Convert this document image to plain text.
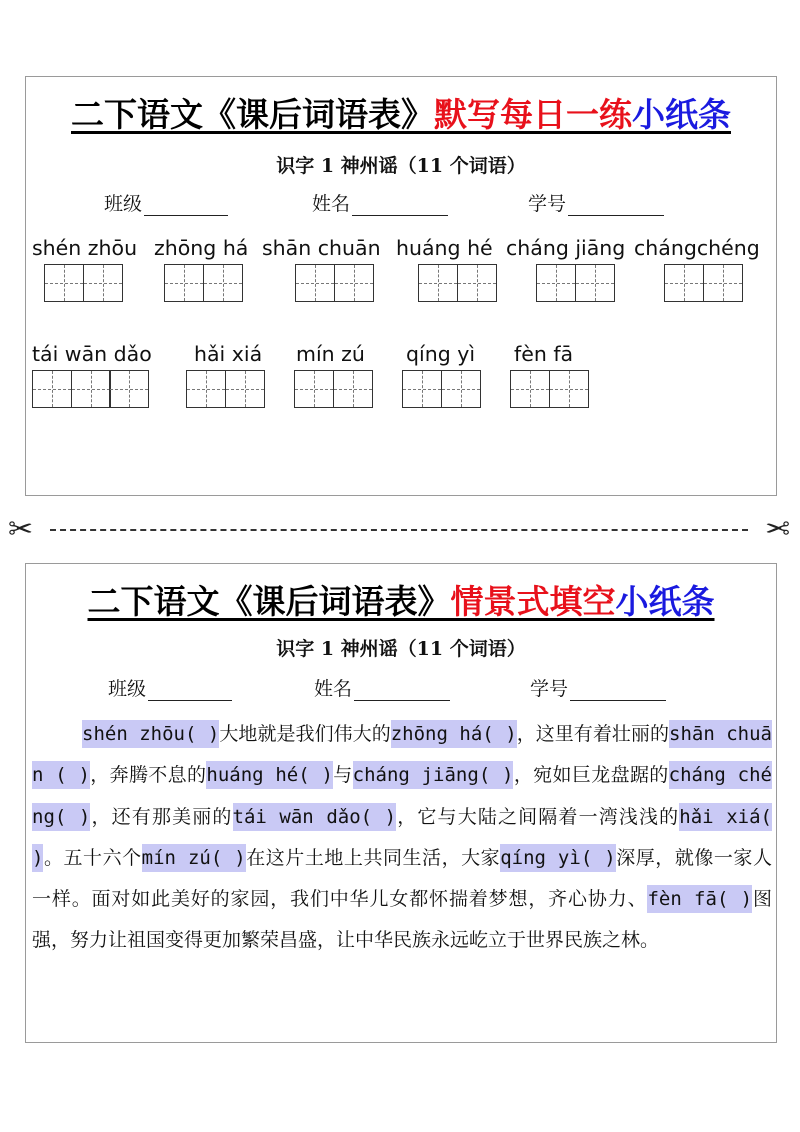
二下语文《课后词语表》默写每日一练小纸条
识字 1 神州谣（11 个词语）
班级	姓名	学号
shén zhōu zhōng há shān chuān huáng hé cháng jiāng chángchéng
tái wān dǎo	hǎi xiá mín zú	qíng yì fèn fā
✂	✂
二下语文《课后词语表》情景式填空小纸条
识字 1 神州谣（11 个词语）
班级	姓名	学号
shén zhōu( )大地就是我们伟大的zhōng há( )，这里有着壮丽的shān chuān ( )，奔腾不息的huáng hé( )与cháng jiāng( )，宛如巨龙盘踞的cháng chéng( )，还有那美丽的tái wān dǎo( )，它与大陆之间隔着一湾浅浅的hǎi xiá( )。五十六个mín zú( )在这片土地上共同生活，大家qíng yì( )深厚，就像一家人一样。面对如此美好的家园，我们中华儿女都怀揣着梦想，齐心协力、fèn fā( )图强，努力让祖国变得更加繁荣昌盛，让中华民族永远屹立于世界民族之林。
